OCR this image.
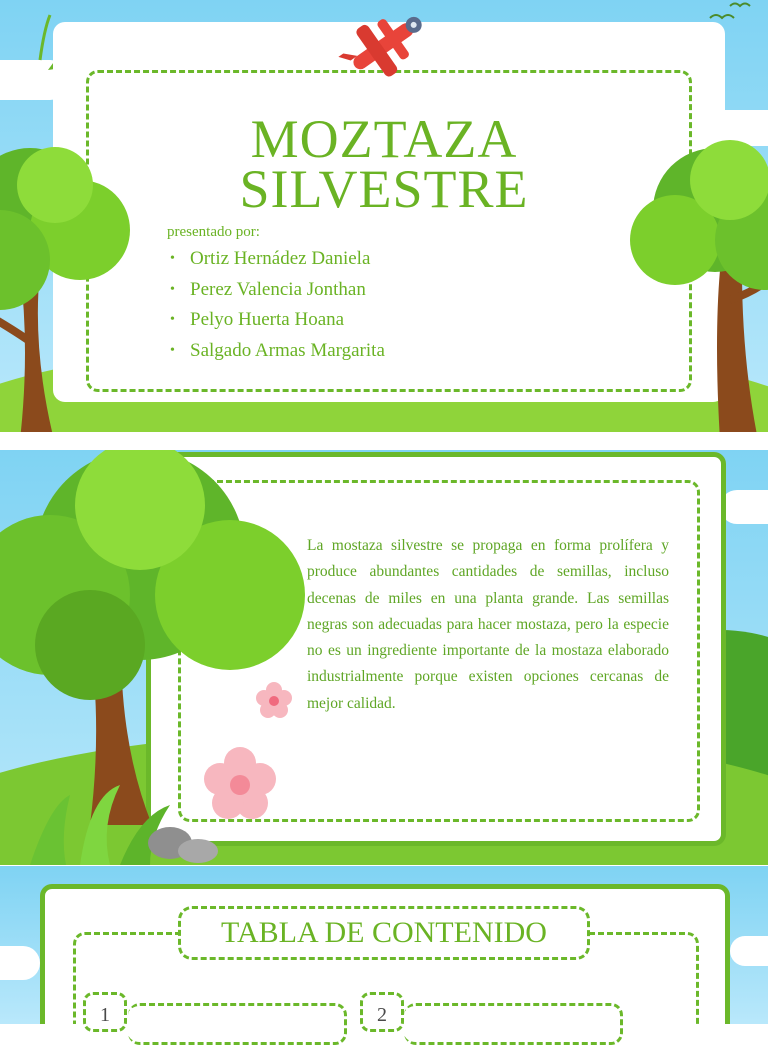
MOZTAZA
SILVESTRE
presentado por:
• Ortiz Hernádez Daniela
• Perez Valencia Jonthan
• Pelyo Huerta Hoana
• Salgado Armas Margarita
La mostaza silvestre se propaga en forma prolífera y produce abundantes cantidades de semillas, incluso decenas de miles en una planta grande. Las semillas negras son adecuadas para hacer mostaza, pero la especie no es un ingrediente importante de la mostaza elaborado industrialmente porque existen opciones cercanas de mejor calidad.
TABLA DE CONTENIDO
1	2
